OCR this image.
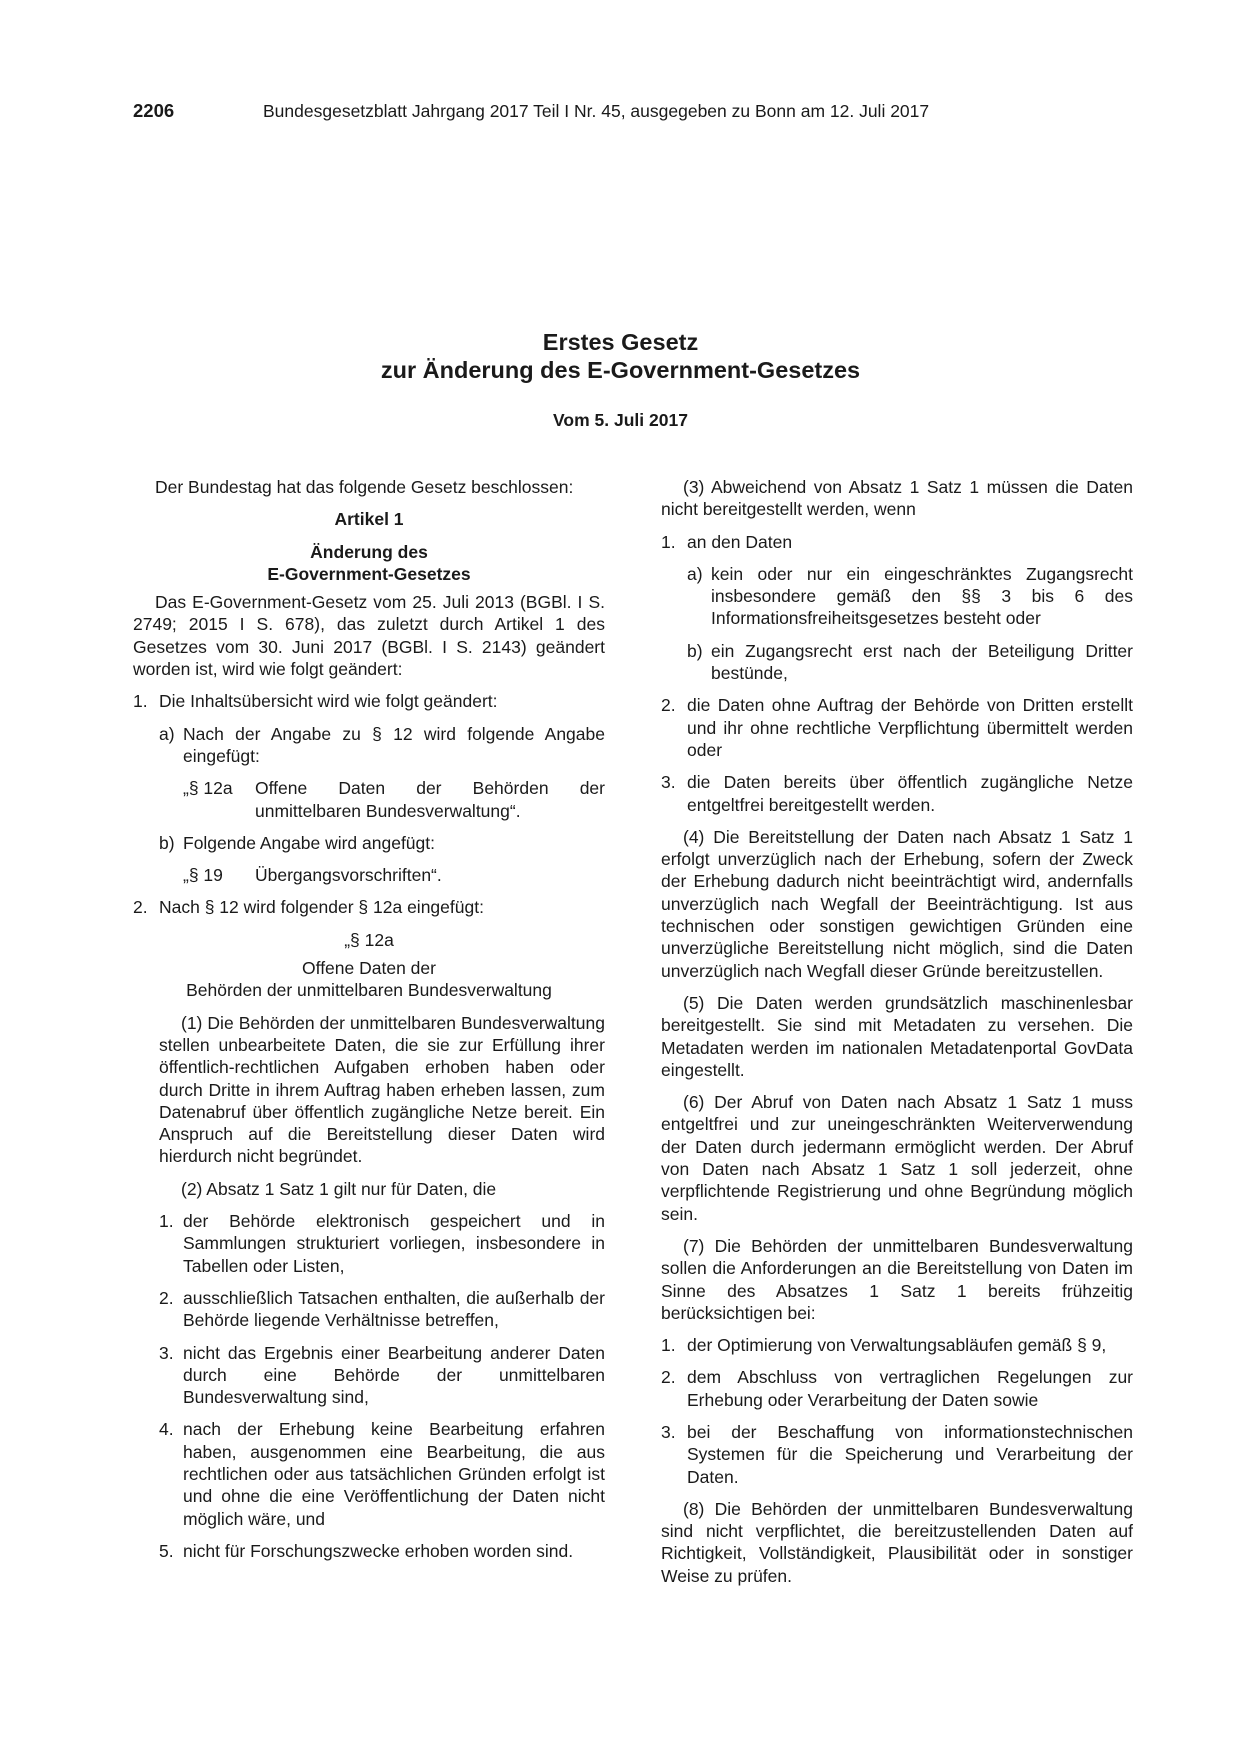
2206	Bundesgesetzblatt Jahrgang 2017 Teil I Nr. 45, ausgegeben zu Bonn am 12. Juli 2017
Erstes Gesetz
zur Änderung des E-Government-Gesetzes
Vom 5. Juli 2017

Der Bundestag hat das folgende Gesetz beschlossen:

Artikel 1

Änderung des
E-Government-Gesetzes

Das E-Government-Gesetz vom 25. Juli 2013 (BGBl. I S. 2749; 2015 I S. 678), das zuletzt durch Artikel 1 des Gesetzes vom 30. Juni 2017 (BGBl. I S. 2143) geändert worden ist, wird wie folgt geändert:

1. Die Inhaltsübersicht wird wie folgt geändert:
a) Nach der Angabe zu § 12 wird folgende Angabe eingefügt:
„§ 12a	Offene Daten der Behörden der unmittelbaren Bundesverwaltung“.
b) Folgende Angabe wird angefügt:
„§ 19	Übergangsvorschriften“.
2. Nach § 12 wird folgender § 12a eingefügt:

„§ 12a

Offene Daten der
Behörden der unmittelbaren Bundesverwaltung

(1) Die Behörden der unmittelbaren Bundesverwaltung stellen unbearbeitete Daten, die sie zur Erfüllung ihrer öffentlich-rechtlichen Aufgaben erhoben haben oder durch Dritte in ihrem Auftrag haben erheben lassen, zum Datenabruf über öffentlich zugängliche Netze bereit. Ein Anspruch auf die Bereitstellung dieser Daten wird hierdurch nicht begründet.

(2) Absatz 1 Satz 1 gilt nur für Daten, die

1. der Behörde elektronisch gespeichert und in Sammlungen strukturiert vorliegen, insbesondere in Tabellen oder Listen,
2. ausschließlich Tatsachen enthalten, die außerhalb der Behörde liegende Verhältnisse betreffen,
3. nicht das Ergebnis einer Bearbeitung anderer Daten durch eine Behörde der unmittelbaren Bundesverwaltung sind,
4. nach der Erhebung keine Bearbeitung erfahren haben, ausgenommen eine Bearbeitung, die aus rechtlichen oder aus tatsächlichen Gründen erfolgt ist und ohne die eine Veröffentlichung der Daten nicht möglich wäre, und
5. nicht für Forschungszwecke erhoben worden sind.

(3) Abweichend von Absatz 1 Satz 1 müssen die Daten nicht bereitgestellt werden, wenn

1. an den Daten
a) kein oder nur ein eingeschränktes Zugangsrecht insbesondere gemäß den §§ 3 bis 6 des Informationsfreiheitsgesetzes besteht oder
b) ein Zugangsrecht erst nach der Beteiligung Dritter bestünde,
2. die Daten ohne Auftrag der Behörde von Dritten erstellt und ihr ohne rechtliche Verpflichtung übermittelt werden oder
3. die Daten bereits über öffentlich zugängliche Netze entgeltfrei bereitgestellt werden.

(4) Die Bereitstellung der Daten nach Absatz 1 Satz 1 erfolgt unverzüglich nach der Erhebung, sofern der Zweck der Erhebung dadurch nicht beeinträchtigt wird, andernfalls unverzüglich nach Wegfall der Beeinträchtigung. Ist aus technischen oder sonstigen gewichtigen Gründen eine unverzügliche Bereitstellung nicht möglich, sind die Daten unverzüglich nach Wegfall dieser Gründe bereitzustellen.

(5) Die Daten werden grundsätzlich maschinenlesbar bereitgestellt. Sie sind mit Metadaten zu versehen. Die Metadaten werden im nationalen Metadatenportal GovData eingestellt.

(6) Der Abruf von Daten nach Absatz 1 Satz 1 muss entgeltfrei und zur uneingeschränkten Weiterverwendung der Daten durch jedermann ermöglicht werden. Der Abruf von Daten nach Absatz 1 Satz 1 soll jederzeit, ohne verpflichtende Registrierung und ohne Begründung möglich sein.

(7) Die Behörden der unmittelbaren Bundesverwaltung sollen die Anforderungen an die Bereitstellung von Daten im Sinne des Absatzes 1 Satz 1 bereits frühzeitig berücksichtigen bei:

1. der Optimierung von Verwaltungsabläufen gemäß § 9,
2. dem Abschluss von vertraglichen Regelungen zur Erhebung oder Verarbeitung der Daten sowie
3. bei der Beschaffung von informationstechnischen Systemen für die Speicherung und Verarbeitung der Daten.

(8) Die Behörden der unmittelbaren Bundesverwaltung sind nicht verpflichtet, die bereitzustellenden Daten auf Richtigkeit, Vollständigkeit, Plausibilität oder in sonstiger Weise zu prüfen.
